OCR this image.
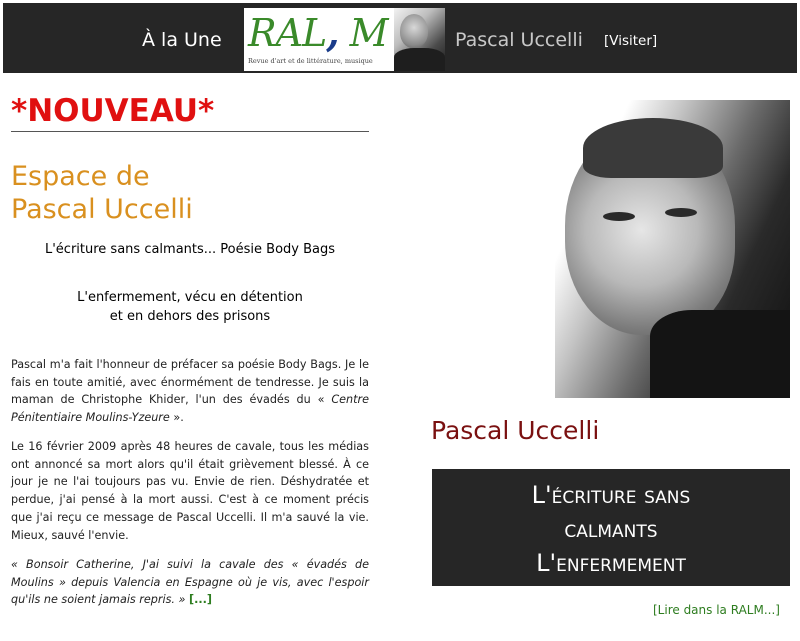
À la Une RAL, M
Revue d'art et de littérature, musique
Pascal Uccelli [Visiter]
*NOUVEAU*
Espace de
Pascal Uccelli
L'écriture sans calmants... Poésie Body Bags
L'enfermement, vécu en détention
et en dehors des prisons
Pascal m'a fait l'honneur de préfacer sa poésie Body Bags. Je le fais en toute amitié, avec énormément de tendresse. Je suis la maman de Christophe Khider, l'un des évadés du « Centre Pénitentiaire Moulins-Yzeure ».
Le 16 février 2009 après 48 heures de cavale, tous les médias ont annoncé sa mort alors qu'il était grièvement blessé. À ce jour je ne l'ai toujours pas vu. Envie de rien. Déshydratée et perdue, j'ai pensé à la mort aussi. C'est à ce moment précis que j'ai reçu ce message de Pascal Uccelli. Il m'a sauvé la vie. Mieux, sauvé l'envie.
« Bonsoir Catherine, J'ai suivi la cavale des « évadés de Moulins » depuis Valencia en Espagne où je vis, avec l'espoir qu'ils ne soient jamais repris. » [...]
Pascal Uccelli
L'écriture sans
calmants
L'enfermement
[Lire dans la RALM...]
